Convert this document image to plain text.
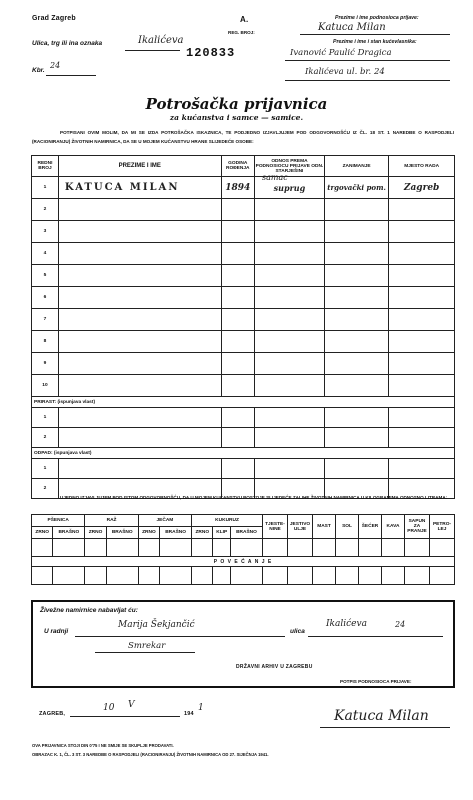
Grad Zagreb	A.
REG. BROJ:
120833
Ulica, trg ili ina oznaka	Ikalićeva
Kbr.
24
Prezime i ime podnosioca prijave:
Katuca Milan
Prezime i ime i stan kućevlasnika:
Ivanović Paulić Dragica
Ikalićeva ul. br. 24
Potrošačka prijavnica
za kućanstva i samce — samice.
POTPISANI OVIM MOLIM, DA MI SE IZDA POTROŠAČKA ISKAZNICA, TE PODJEDNO IZJAVLJUJEM POD ODGOVORNOŠĆU IZ ČL. 18 ST. 1 NAREDBE O RASPODJELI (RACIONIRANJU) ŽIVOTNIH NAMIRNICA, DA SE U MOJEM KUĆANSTVU HRANE SLIJEDEĆE OSOBE:
REDNI BROJ	PREZIME I IME	GODINA ROĐENJA	ODNOS PREMA PODNOSIOCU PRIJAVE ODN. STARJEŠINI	ZANIMANJE	MJESTO RADA
1	KATUCA MILAN	1894	suprug	trgovački pom.	Zagreb
2					
3					
4					
5					
6					
7					
8					
9					
10					
PRIRAST: (ispunjava vlast)					
1					
2					
ODPAD: (ispunjava vlast)					
1					
2					
samac
UJEDNO IZJAVLJUJEM POD ISTOM ODGOVORNOŠĆU, DA U MOJEM KUĆANSTVU POSTOJE SLIJEDEĆE ZALIHE ŽIVOTNIH NAMIRNICA U KILOGRAMIMA ODNOSNO LITRAMA:
PŠENICA		RAŽ		JEČAM		KUKURUZ			TJESTE-NINE	JESTIVO ULJE	MAST	SOL	ŠEĆER	KAVA	SAPUN ZA PRANJE	PETRO-LEJ
ZRNO	BRAŠNO	ZRNO	BRAŠNO	ZRNO	BRAŠNO	ZRNO	KLIP	BRAŠNO								

P O V E Ć A N J E																

Živežne namirnice nabavljat ću:
U radnji
Marija Šekjančić
ulica
Ikalićeva	24
Smrekar
DRŽAVNI ARHIV U ZAGREBU
ZAGREB,
10 V
194
1
POTPIS PODNOSIOCA PRIJAVE:
Katuca Milan
OVA PRIJAVNICA STOJI DIN 0'75 I NE SMIJE SE SKUPLJE PRODAVATI.
OBRAZAC K. 1, ČL. 3 ST. 3 NAREDBE O RASPODJELI (RACIONIRANJU) ŽIVOTNIH NAMIRNICA OD 27. SIJEČNJA 1941.
